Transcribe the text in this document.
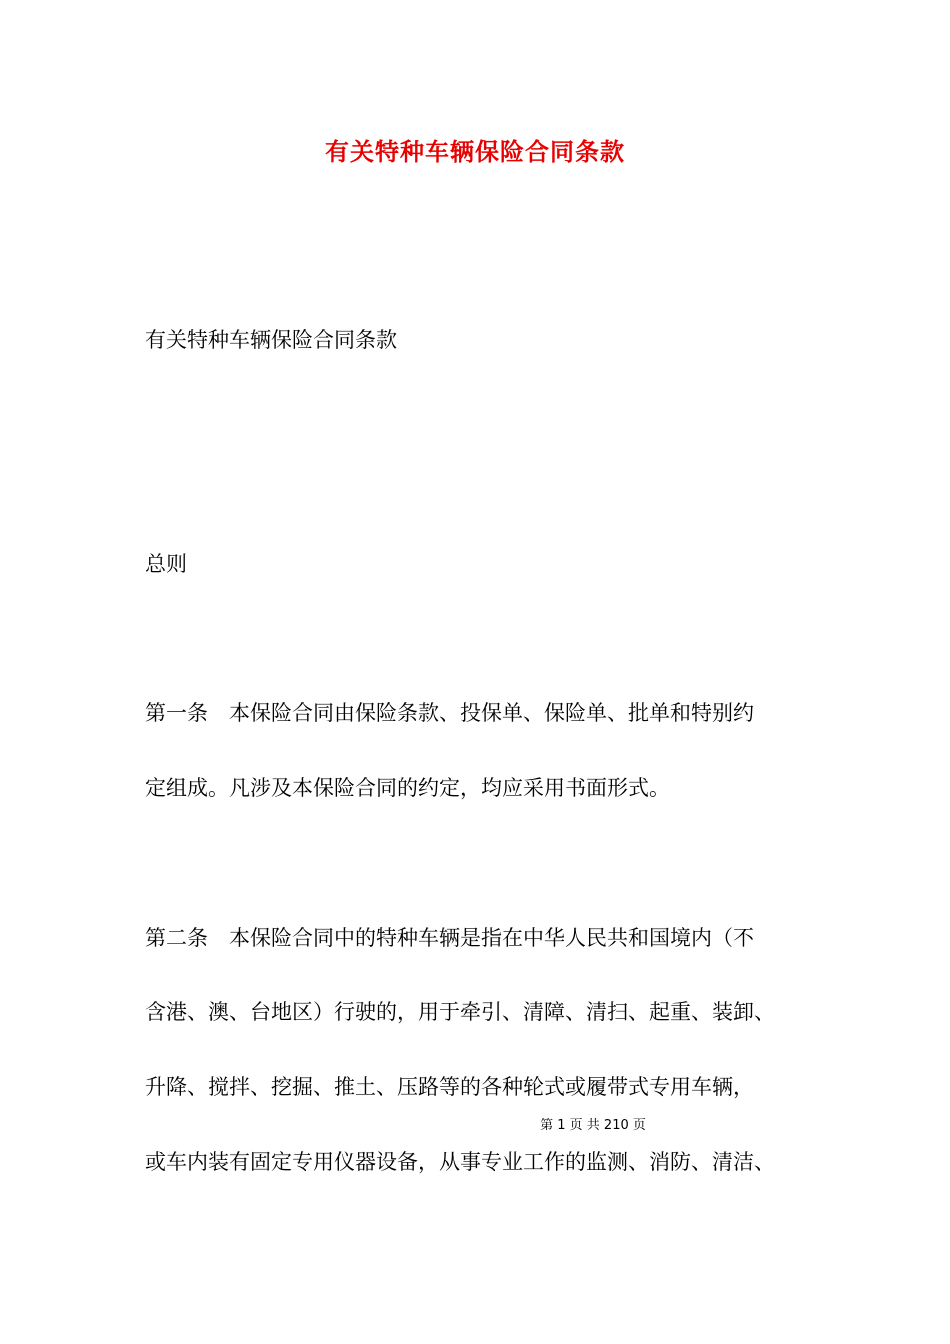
有关特种车辆保险合同条款
有关特种车辆保险合同条款
总则
第一条　本保险合同由保险条款、投保单、保险单、批单和特别约
定组成。凡涉及本保险合同的约定，均应采用书面形式。
第二条　本保险合同中的特种车辆是指在中华人民共和国境内（不
含港、澳、台地区）行驶的，用于牵引、清障、清扫、起重、装卸、
升降、搅拌、挖掘、推土、压路等的各种轮式或履带式专用车辆，
第 1 页 共 210 页
或车内装有固定专用仪器设备，从事专业工作的监测、消防、清洁、
